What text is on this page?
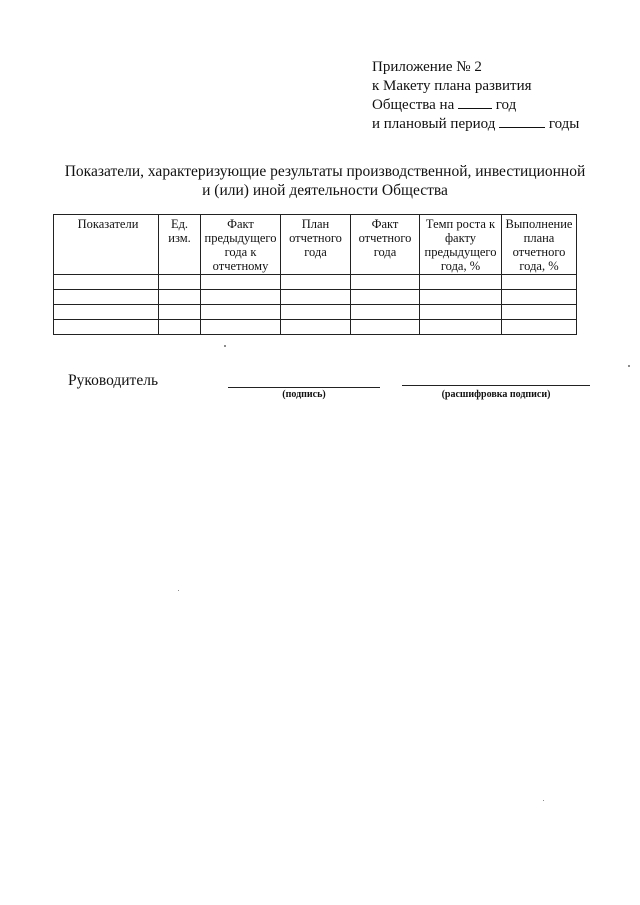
Приложение № 2
к Макету плана развития
Общества на	год
и плановый период	годы
Показатели, характеризующие результаты производственной, инвестиционной
и (или) иной деятельности Общества
Показатели	Ед. изм.	Факт предыдущего года к отчетному	План отчетного года	Факт отчетного года	Темп роста к факту предыдущего года, %	Выполнение плана отчетного года, %

Руководитель
(подпись)	(расшифровка подписи)
